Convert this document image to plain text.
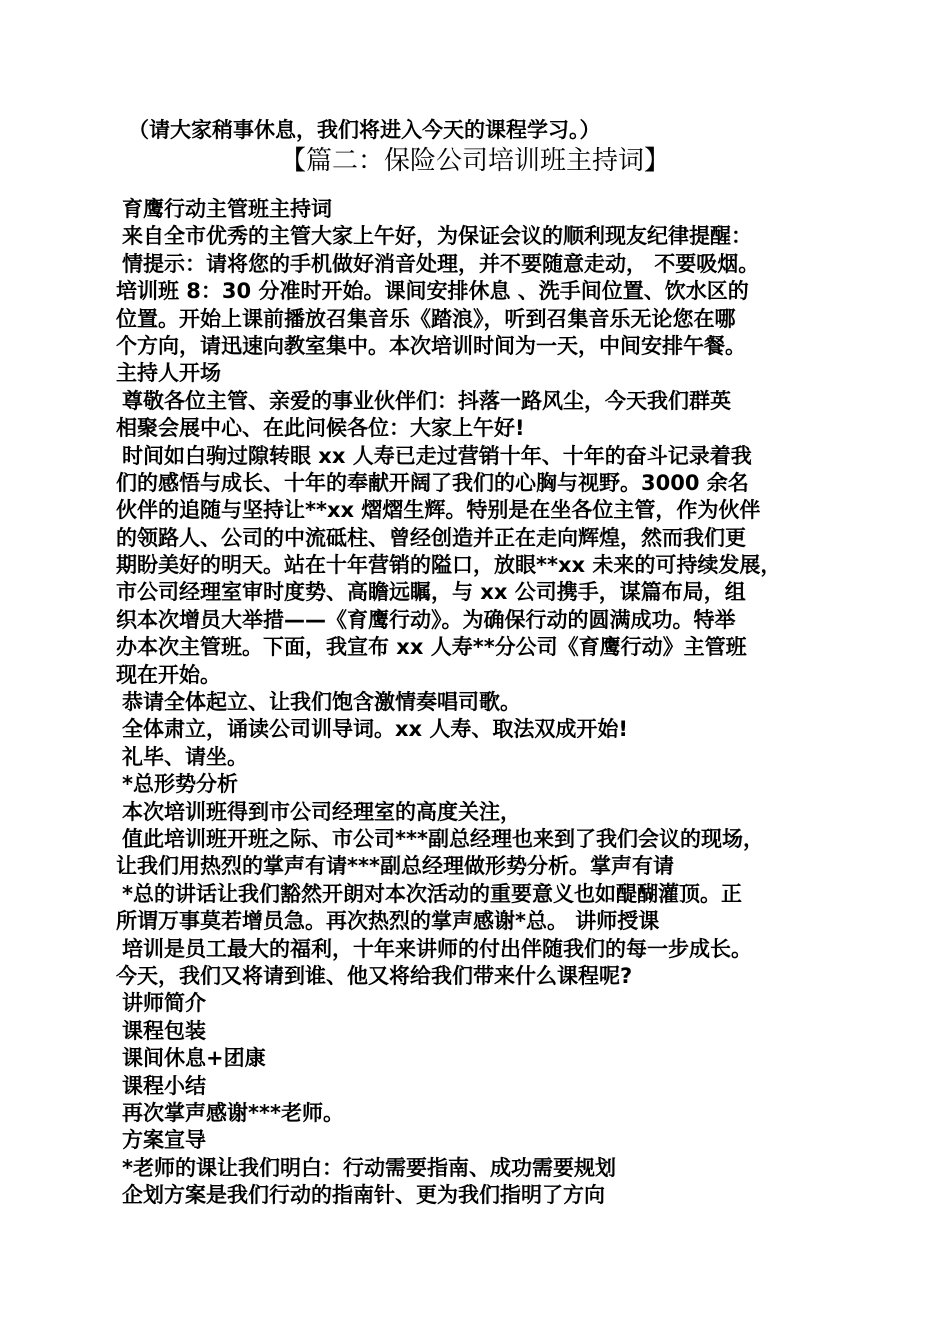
（请大家稍事休息，我们将进入今天的课程学习。）
【篇二：保险公司培训班主持词】
育鹰行动主管班主持词
来自全市优秀的主管大家上午好，为保证会议的顺利现友纪律提醒：
情提示：请将您的手机做好消音处理，并不要随意走动， 不要吸烟。
培训班 8：30 分准时开始。课间安排休息 、洗手间位置、饮水区的
位置。开始上课前播放召集音乐《踏浪》，听到召集音乐无论您在哪
个方向，请迅速向教室集中。本次培训时间为一天，中间安排午餐。
主持人开场
尊敬各位主管、亲爱的事业伙伴们：抖落一路风尘，今天我们群英
相聚会展中心、在此问候各位：大家上午好!
时间如白驹过隙转眼 xx 人寿已走过营销十年、十年的奋斗记录着我
们的感悟与成长、十年的奉献开阔了我们的心胸与视野。3000 余名
伙伴的追随与坚持让**xx 熠熠生辉。特别是在坐各位主管，作为伙伴
的领路人、公司的中流砥柱、曾经创造并正在走向辉煌，然而我们更
期盼美好的明天。站在十年营销的隘口，放眼**xx 未来的可持续发展，
市公司经理室审时度势、高瞻远瞩，与 xx 公司携手，谋篇布局，组
织本次增员大举措——《育鹰行动》。为确保行动的圆满成功。特举
办本次主管班。下面，我宣布 xx 人寿**分公司《育鹰行动》主管班
现在开始。
恭请全体起立、让我们饱含激情奏唱司歌。
全体肃立，诵读公司训导词。xx 人寿、取法双成开始!
礼毕、请坐。
*总形势分析
本次培训班得到市公司经理室的高度关注，
值此培训班开班之际、市公司***副总经理也来到了我们会议的现场，
让我们用热烈的掌声有请***副总经理做形势分析。掌声有请
*总的讲话让我们豁然开朗对本次活动的重要意义也如醍醐灌顶。正
所谓万事莫若增员急。再次热烈的掌声感谢*总。 讲师授课
培训是员工最大的福利，十年来讲师的付出伴随我们的每一步成长。
今天，我们又将请到谁、他又将给我们带来什么课程呢?
讲师简介
课程包装
课间休息+团康
课程小结
再次掌声感谢***老师。
方案宣导
*老师的课让我们明白：行动需要指南、成功需要规划
企划方案是我们行动的指南针、更为我们指明了方向
